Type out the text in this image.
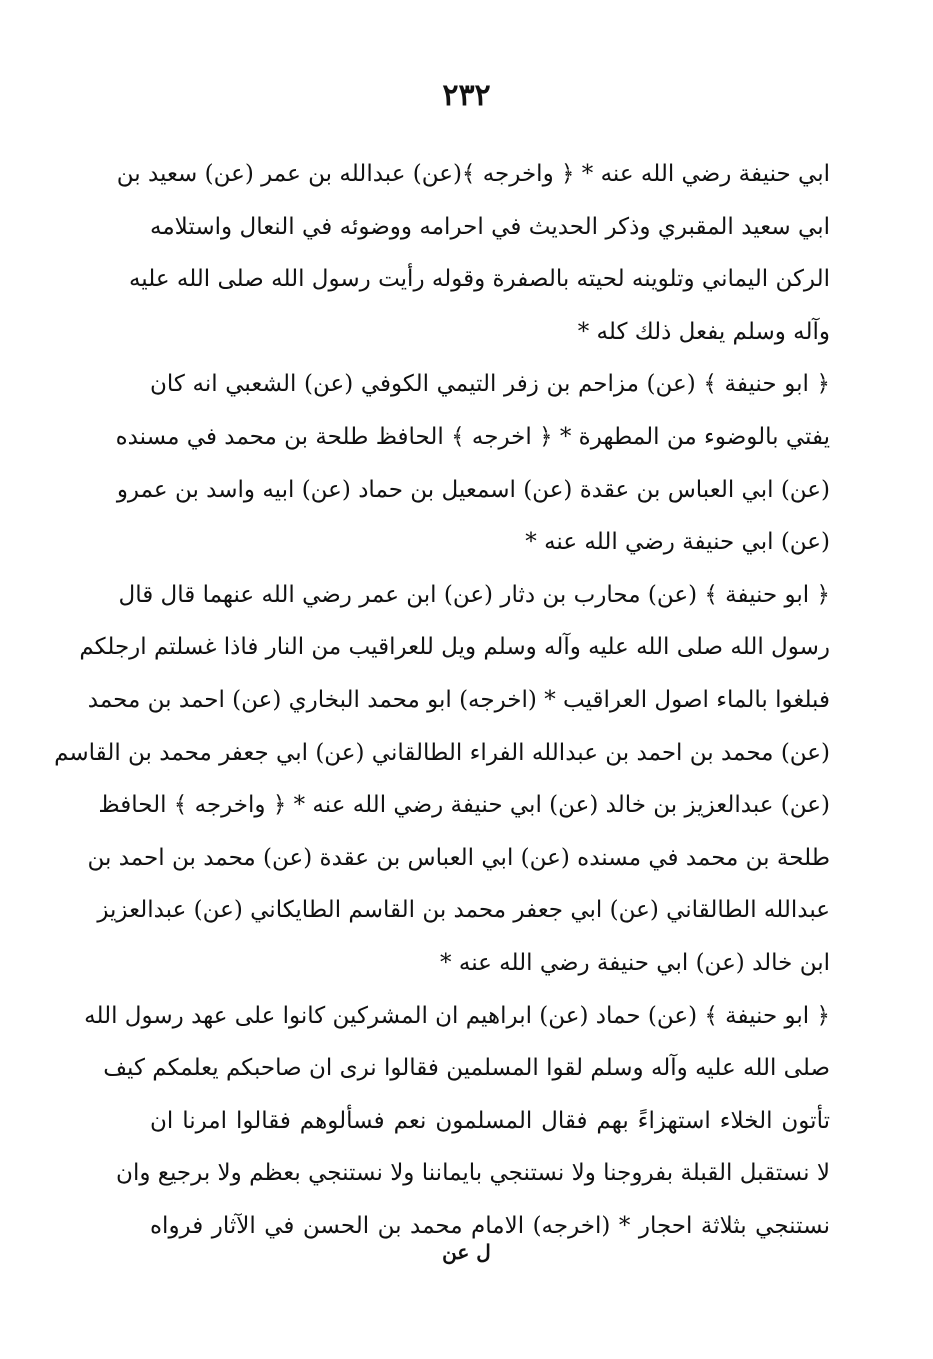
٢٣٢
ابي حنيفة رضي الله عنه * ﴿ واخرجه ﴾(عن) عبدالله بن عمر (عن) سعيد بن
ابي سعيد المقبري وذكر الحديث في احرامه ووضوئه في النعال واستلامه
الركن اليماني وتلوينه لحيته بالصفرة وقوله رأيت رسول الله صلى الله عليه
وآله وسلم يفعل ذلك كله *
﴿ ابو حنيفة ﴾ (عن) مزاحم بن زفر التيمي الكوفي (عن) الشعبي انه كان
يفتي بالوضوء من المطهرة * ﴿ اخرجه ﴾ الحافظ طلحة بن محمد في مسنده
(عن) ابي العباس بن عقدة (عن) اسمعيل بن حماد (عن) ابيه واسد بن عمرو
(عن) ابي حنيفة رضي الله عنه *
﴿ ابو حنيفة ﴾ (عن) محارب بن دثار (عن) ابن عمر رضي الله عنهما قال قال
رسول الله صلى الله عليه وآله وسلم ويل للعراقيب من النار فاذا غسلتم ارجلكم
فبلغوا بالماء اصول العراقيب * (اخرجه) ابو محمد البخاري (عن) احمد بن محمد
(عن) محمد بن احمد بن عبدالله الفراء الطالقاني (عن) ابي جعفر محمد بن القاسم
(عن) عبدالعزيز بن خالد (عن) ابي حنيفة رضي الله عنه * ﴿ واخرجه ﴾ الحافظ
طلحة بن محمد في مسنده (عن) ابي العباس بن عقدة (عن) محمد بن احمد بن
عبدالله الطالقاني (عن) ابي جعفر محمد بن القاسم الطايكاني (عن) عبدالعزيز
ابن خالد (عن) ابي حنيفة رضي الله عنه *
﴿ ابو حنيفة ﴾ (عن) حماد (عن) ابراهيم ان المشركين كانوا على عهد رسول الله
صلى الله عليه وآله وسلم لقوا المسلمين فقالوا نرى ان صاحبكم يعلمكم كيف
تأتون الخلاء استهزاءً بهم فقال المسلمون نعم فسألوهم فقالوا امرنا ان
لا نستقبل القبلة بفروجنا ولا نستنجي بايماننا ولا نستنجي بعظم ولا برجيع وان
نستنجي بثلاثة احجار * (اخرجه) الامام محمد بن الحسن في الآثار فرواه
ل عن
